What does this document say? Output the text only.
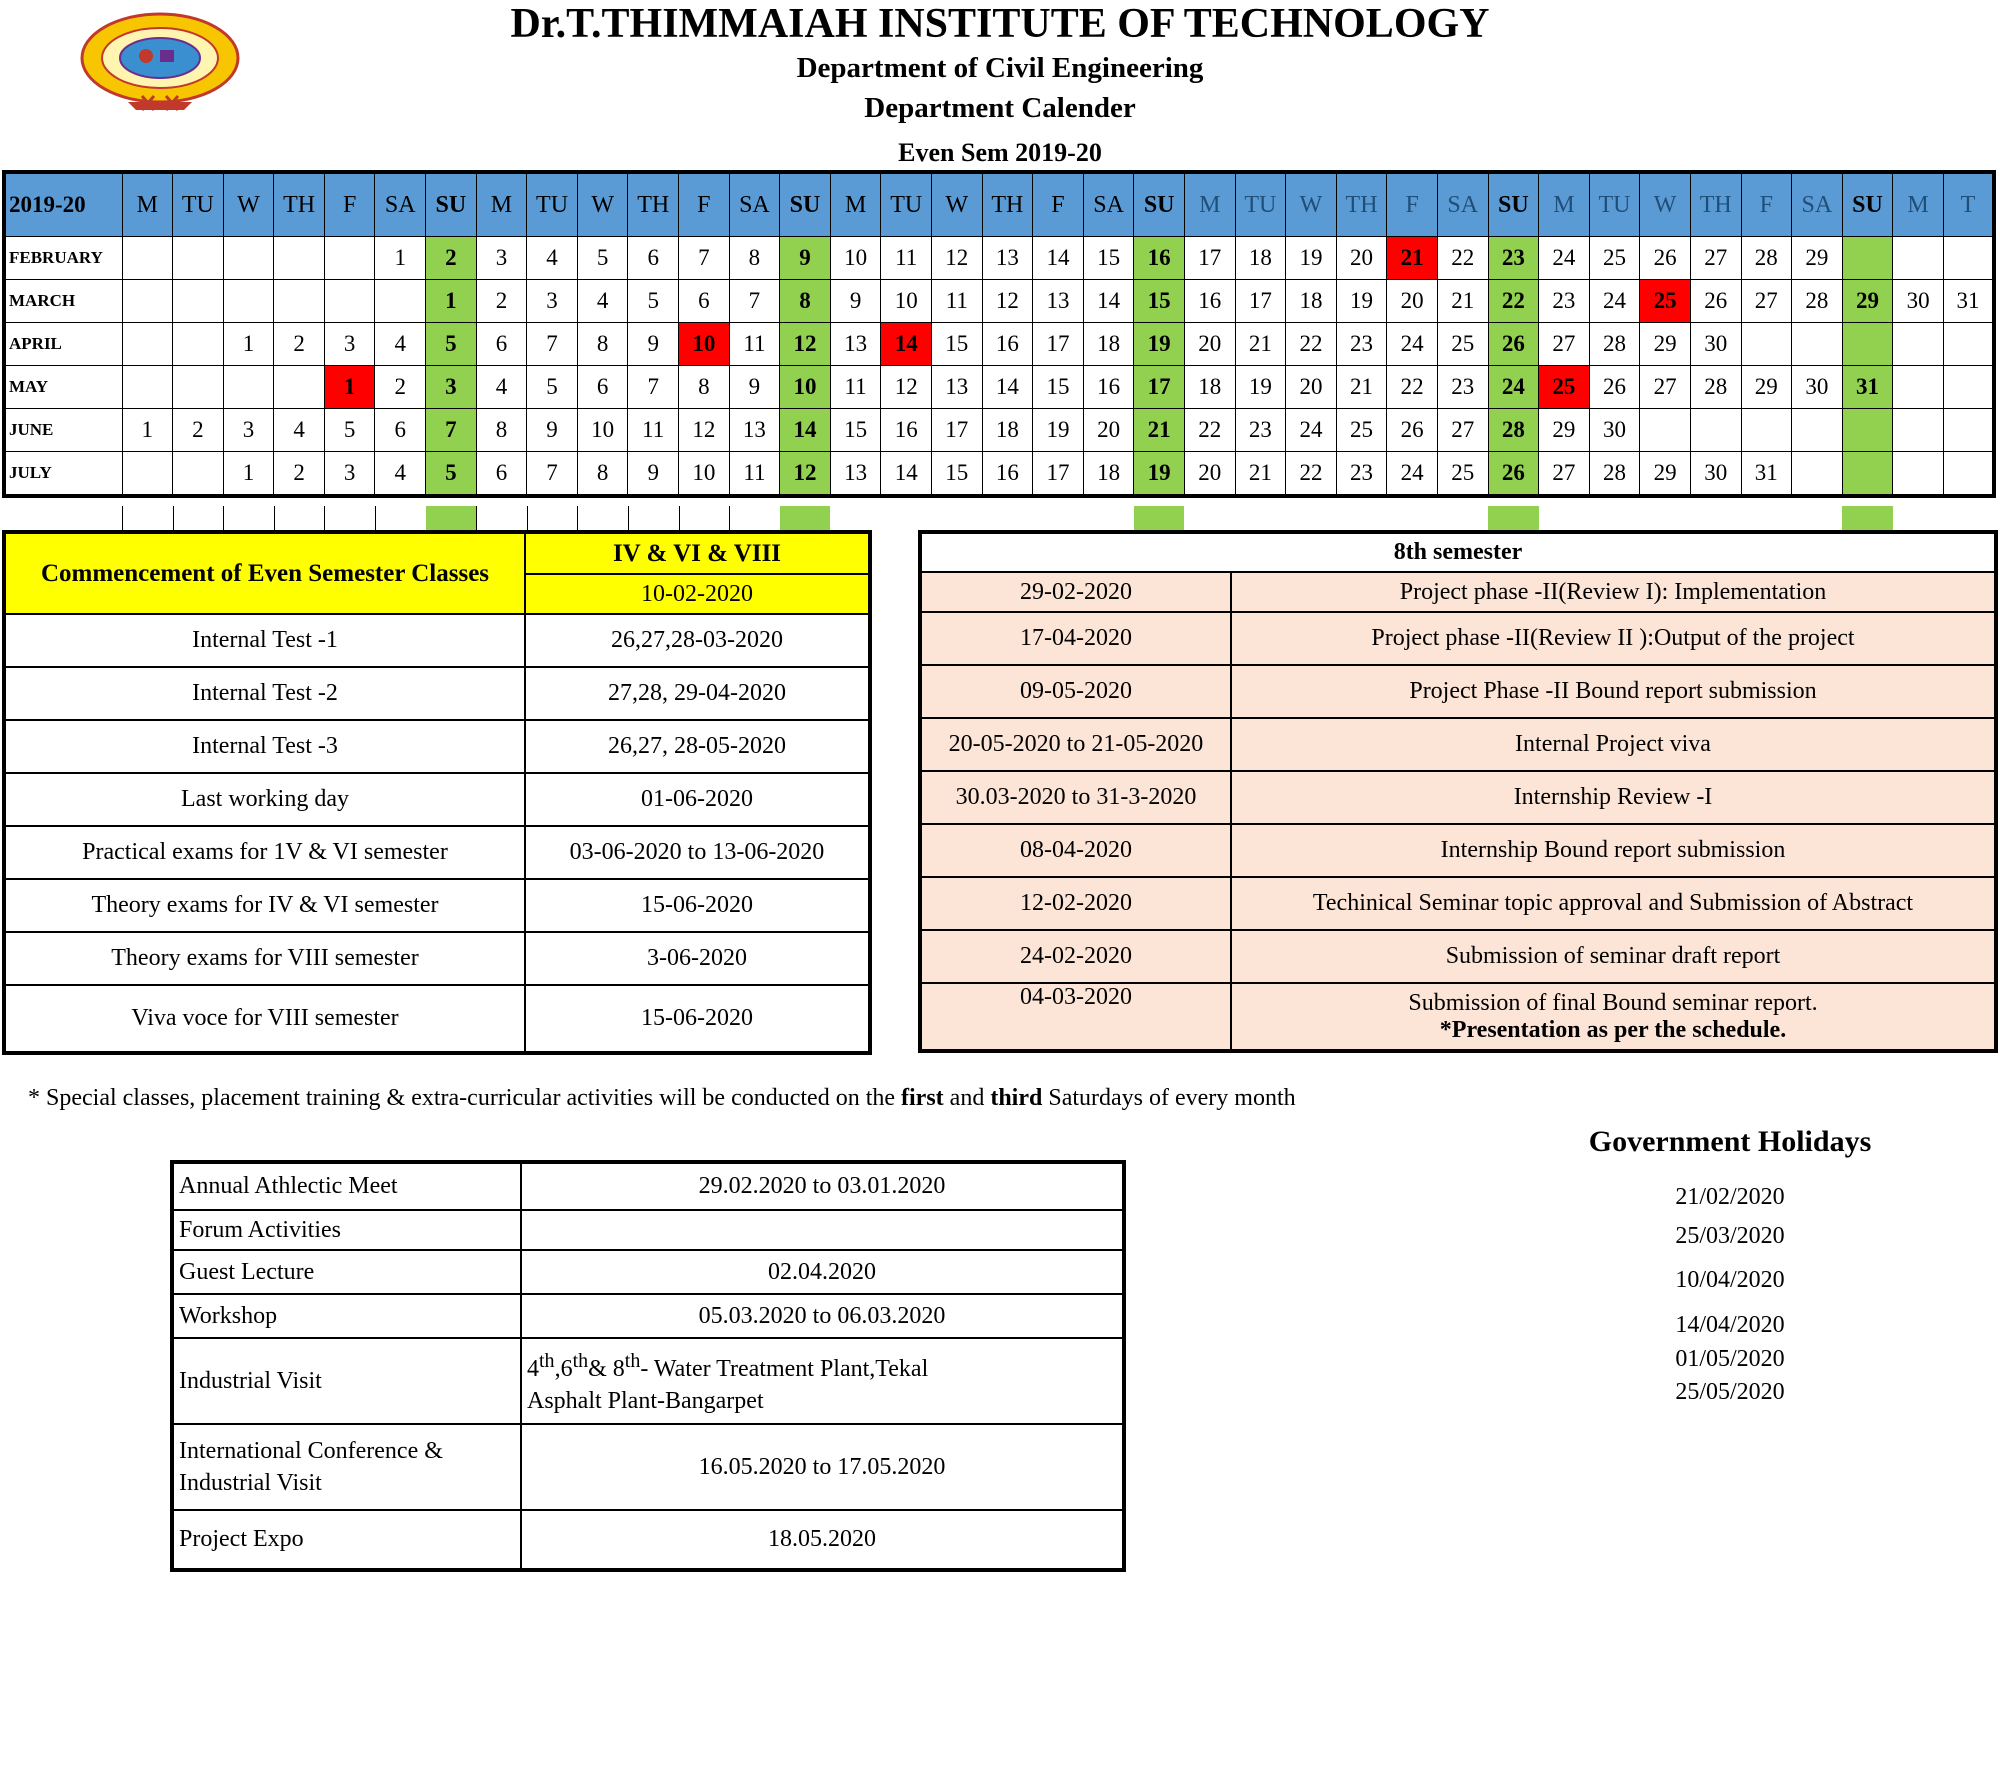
Dr.T.THIMMAIAH INSTITUTE OF TECHNOLOGY
Department of Civil Engineering
Department Calender
Even Sem 2019-20
2019-20	M	TU	W	TH	F	SA	SU	M	TU	W	TH	F	SA	SU	M	TU	W	TH	F	SA	SU	M	TU	W	TH	F	SA	SU	M	TU	W	TH	F	SA	SU	M	T
FEBRUARY						1	2	3	4	5	6	7	8	9	10	11	12	13	14	15	16	17	18	19	20	21	22	23	24	25	26	27	28	29			
MARCH							1	2	3	4	5	6	7	8	9	10	11	12	13	14	15	16	17	18	19	20	21	22	23	24	25	26	27	28	29	30	31
APRIL			1	2	3	4	5	6	7	8	9	10	11	12	13	14	15	16	17	18	19	20	21	22	23	24	25	26	27	28	29	30					
MAY					1	2	3	4	5	6	7	8	9	10	11	12	13	14	15	16	17	18	19	20	21	22	23	24	25	26	27	28	29	30	31		
JUNE	1	2	3	4	5	6	7	8	9	10	11	12	13	14	15	16	17	18	19	20	21	22	23	24	25	26	27	28	29	30							
JULY			1	2	3	4	5	6	7	8	9	10	11	12	13	14	15	16	17	18	19	20	21	22	23	24	25	26	27	28	29	30	31				
Commencement of Even Semester Classes	IV & VI & VIII
	10-02-2020
Internal Test -1	26,27,28-03-2020
Internal Test -2	27,28, 29-04-2020
Internal Test -3	26,27, 28-05-2020
Last working day	01-06-2020
Practical exams for 1V & VI semester	03-06-2020 to 13-06-2020
Theory exams for IV & VI semester	15-06-2020
Theory exams for VIII semester	3-06-2020
Viva voce for VIII semester	15-06-2020
8th semester	
29-02-2020	Project phase -II(Review I): Implementation
17-04-2020	Project phase -II(Review II ):Output of the project
09-05-2020	Project Phase -II Bound report submission
20-05-2020 to 21-05-2020	Internal Project viva
30.03-2020 to 31-3-2020	Internship Review -I
08-04-2020	Internship Bound report submission
12-02-2020	Techinical Seminar topic approval and Submission of Abstract
24-02-2020	Submission of seminar draft report
04-03-2020	Submission of final Bound seminar report.
*Presentation as per the schedule.
* Special classes, placement training & extra-curricular activities will be conducted on the first and third Saturdays of every month
Annual Athlectic Meet	29.02.2020 to 03.01.2020
Forum Activities	
Guest Lecture	02.04.2020
Workshop	05.03.2020 to 06.03.2020
Industrial Visit	4th,6th& 8th- Water Treatment Plant,Tekal
Asphalt Plant-Bangarpet
International Conference &
Industrial Visit	16.05.2020 to 17.05.2020
Project Expo	18.05.2020
Government Holidays
21/02/2020
25/03/2020
10/04/2020
14/04/2020
01/05/2020
25/05/2020
